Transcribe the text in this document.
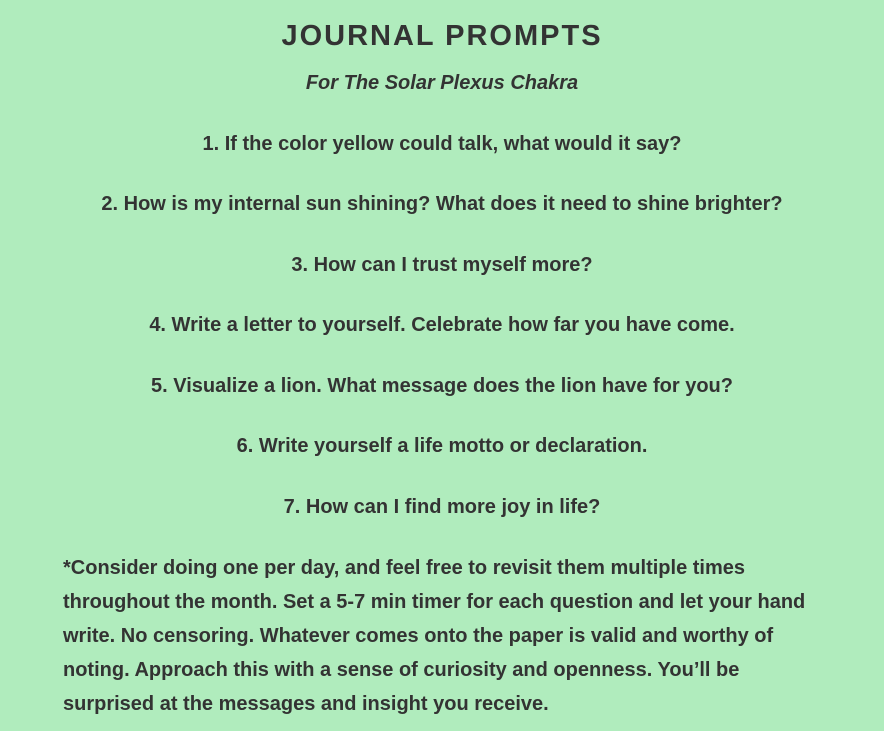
JOURNAL PROMPTS
For The Solar Plexus Chakra
1. If the color yellow could talk, what would it say?
2. How is my internal sun shining? What does it need to shine brighter?
3. How can I trust myself more?
4. Write a letter to yourself. Celebrate how far you have come.
5. Visualize a lion. What message does the lion have for you?
6. Write yourself a life motto or declaration.
7. How can I find more joy in life?

*Consider doing one per day, and feel free to revisit them multiple times throughout the month. Set a 5-7 min timer for each question and let your hand write. No censoring. Whatever comes onto the paper is valid and worthy of noting. Approach this with a sense of curiosity and openness. You’ll be surprised at the messages and insight you receive.
